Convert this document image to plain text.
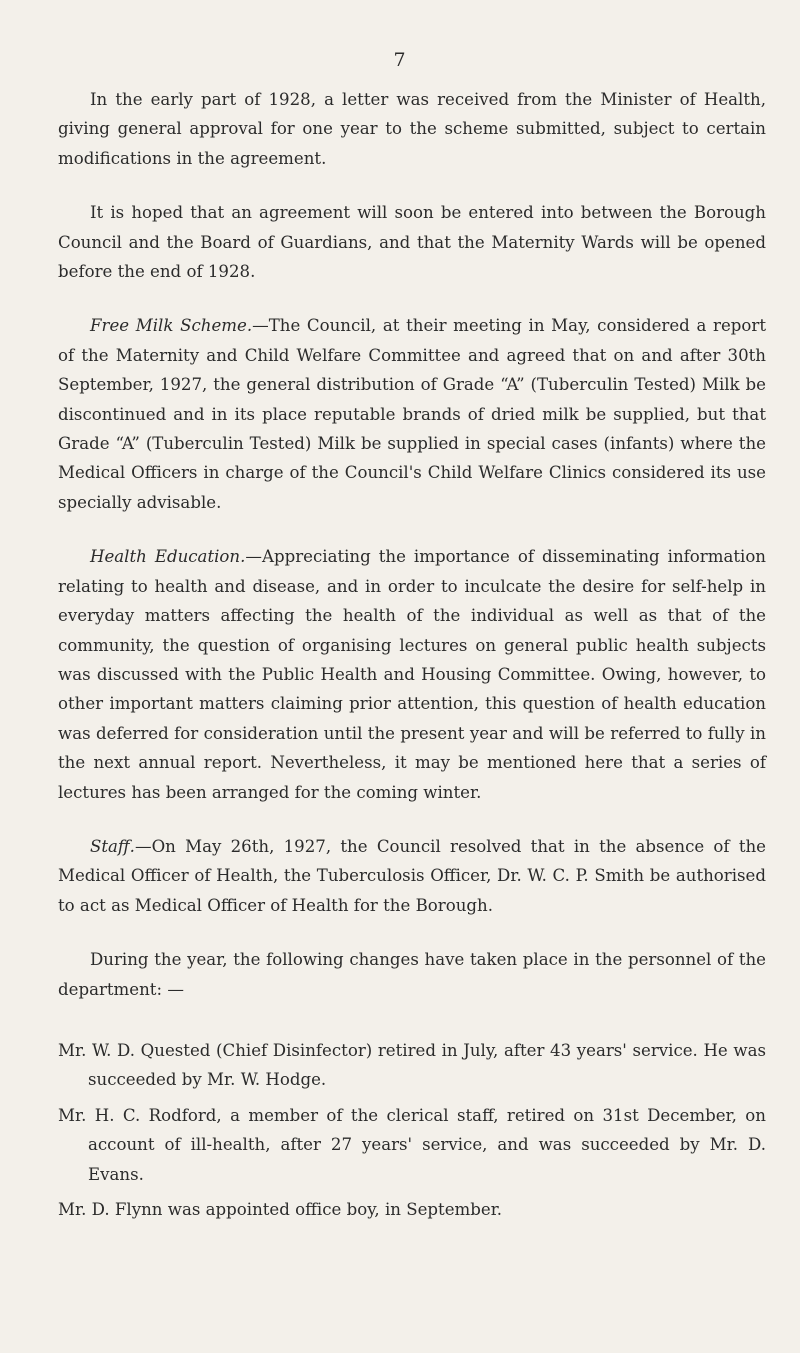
7

In the early part of 1928, a letter was received from the Minister of Health, giving general approval for one year to the scheme submitted, subject to certain modifications in the agreement.

It is hoped that an agreement will soon be entered into between the Borough Council and the Board of Guardians, and that the Maternity Wards will be opened before the end of 1928.

Free Milk Scheme.—The Council, at their meeting in May, considered a report of the Maternity and Child Welfare Committee and agreed that on and after 30th September, 1927, the general distribution of Grade “A” (Tuberculin Tested) Milk be discontinued and in its place reputable brands of dried milk be supplied, but that Grade “A” (Tuberculin Tested) Milk be supplied in special cases (infants) where the Medical Officers in charge of the Council's Child Welfare Clinics considered its use specially advisable.

Health Education.—Appreciating the importance of disseminating information relating to health and disease, and in order to inculcate the desire for self-help in everyday matters affecting the health of the individual as well as that of the community, the question of organising lectures on general public health subjects was discussed with the Public Health and Housing Committee. Owing, however, to other important matters claiming prior attention, this question of health education was deferred for consideration until the present year and will be referred to fully in the next annual report. Nevertheless, it may be mentioned here that a series of lectures has been arranged for the coming winter.

Staff.—On May 26th, 1927, the Council resolved that in the absence of the Medical Officer of Health, the Tuberculosis Officer, Dr. W. C. P. Smith be authorised to act as Medical Officer of Health for the Borough.

During the year, the following changes have taken place in the personnel of the department: —

Mr. W. D. Quested (Chief Disinfector) retired in July, after 43 years' service. He was succeeded by Mr. W. Hodge.

Mr. H. C. Rodford, a member of the clerical staff, retired on 31st December, on account of ill-health, after 27 years' service, and was succeeded by Mr. D. Evans.

Mr. D. Flynn was appointed office boy, in September.
